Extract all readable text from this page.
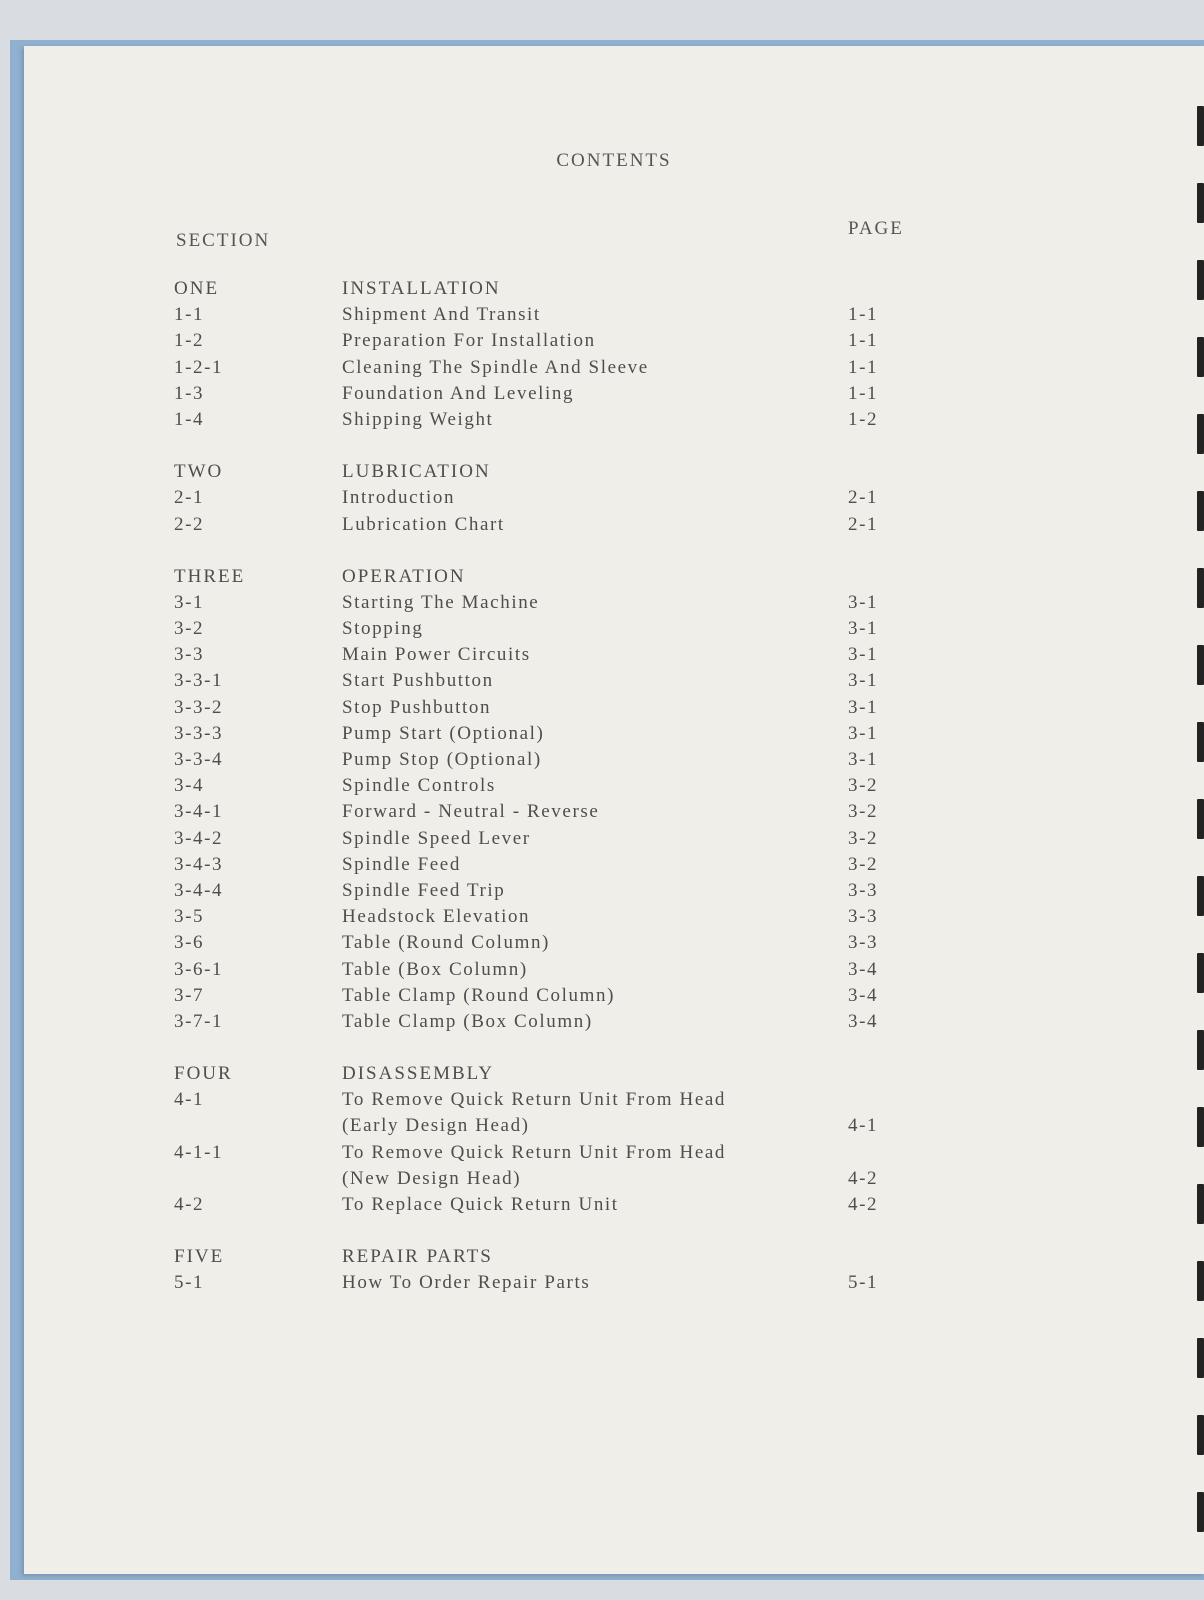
CONTENTS
SECTION
PAGE
ONE	INSTALLATION
1-1	Shipment And Transit	1-1
1-2	Preparation For Installation	1-1
1-2-1	Cleaning The Spindle And Sleeve	1-1
1-3	Foundation And Leveling	1-1
1-4	Shipping Weight	1-2
TWO	LUBRICATION
2-1	Introduction	2-1
2-2	Lubrication Chart	2-1
THREE	OPERATION
3-1	Starting The Machine	3-1
3-2	Stopping	3-1
3-3	Main Power Circuits	3-1
3-3-1	Start Pushbutton	3-1
3-3-2	Stop Pushbutton	3-1
3-3-3	Pump Start (Optional)	3-1
3-3-4	Pump Stop (Optional)	3-1
3-4	Spindle Controls	3-2
3-4-1	Forward - Neutral - Reverse	3-2
3-4-2	Spindle Speed Lever	3-2
3-4-3	Spindle Feed	3-2
3-4-4	Spindle Feed Trip	3-3
3-5	Headstock Elevation	3-3
3-6	Table (Round Column)	3-3
3-6-1	Table (Box Column)	3-4
3-7	Table Clamp (Round Column)	3-4
3-7-1	Table Clamp (Box Column)	3-4
FOUR	DISASSEMBLY
4-1	To Remove Quick Return Unit From Head
(Early Design Head)	4-1
4-1-1	To Remove Quick Return Unit From Head
(New Design Head)	4-2
4-2	To Replace Quick Return Unit	4-2
FIVE	REPAIR PARTS
5-1	How To Order Repair Parts	5-1
